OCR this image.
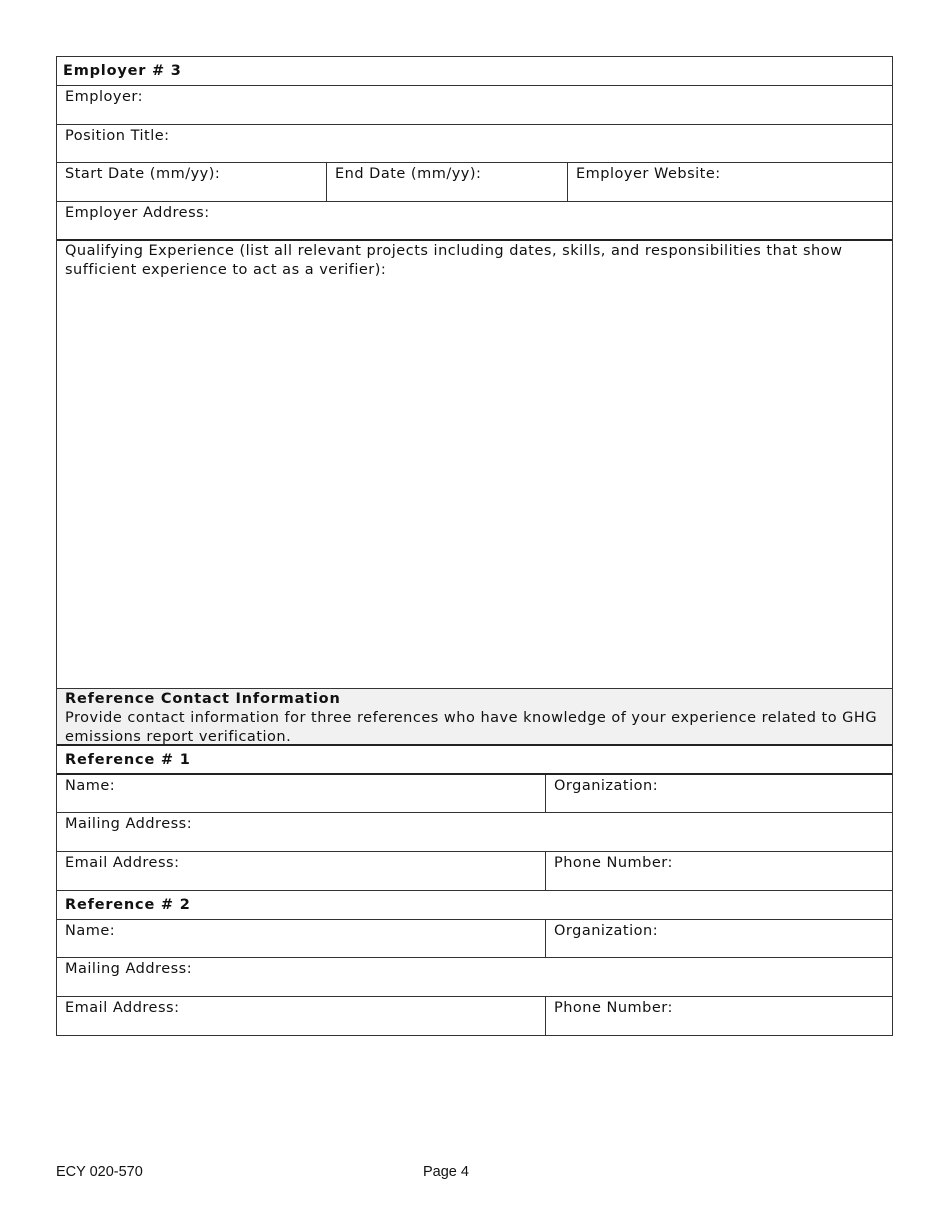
Employer # 3
Employer:
Position Title:
Start Date (mm/yy):	End Date (mm/yy):	Employer Website:
Employer Address:
Qualifying Experience (list all relevant projects including dates, skills, and responsibilities that show sufficient experience to act as a verifier):
Reference Contact Information
Provide contact information for three references who have knowledge of your experience related to GHG emissions report verification.
Reference # 1
Name:	Organization:
Mailing Address:
Email Address:	Phone Number:
Reference # 2
Name:	Organization:
Mailing Address:
Email Address:	Phone Number:
ECY 020-570	Page 4
